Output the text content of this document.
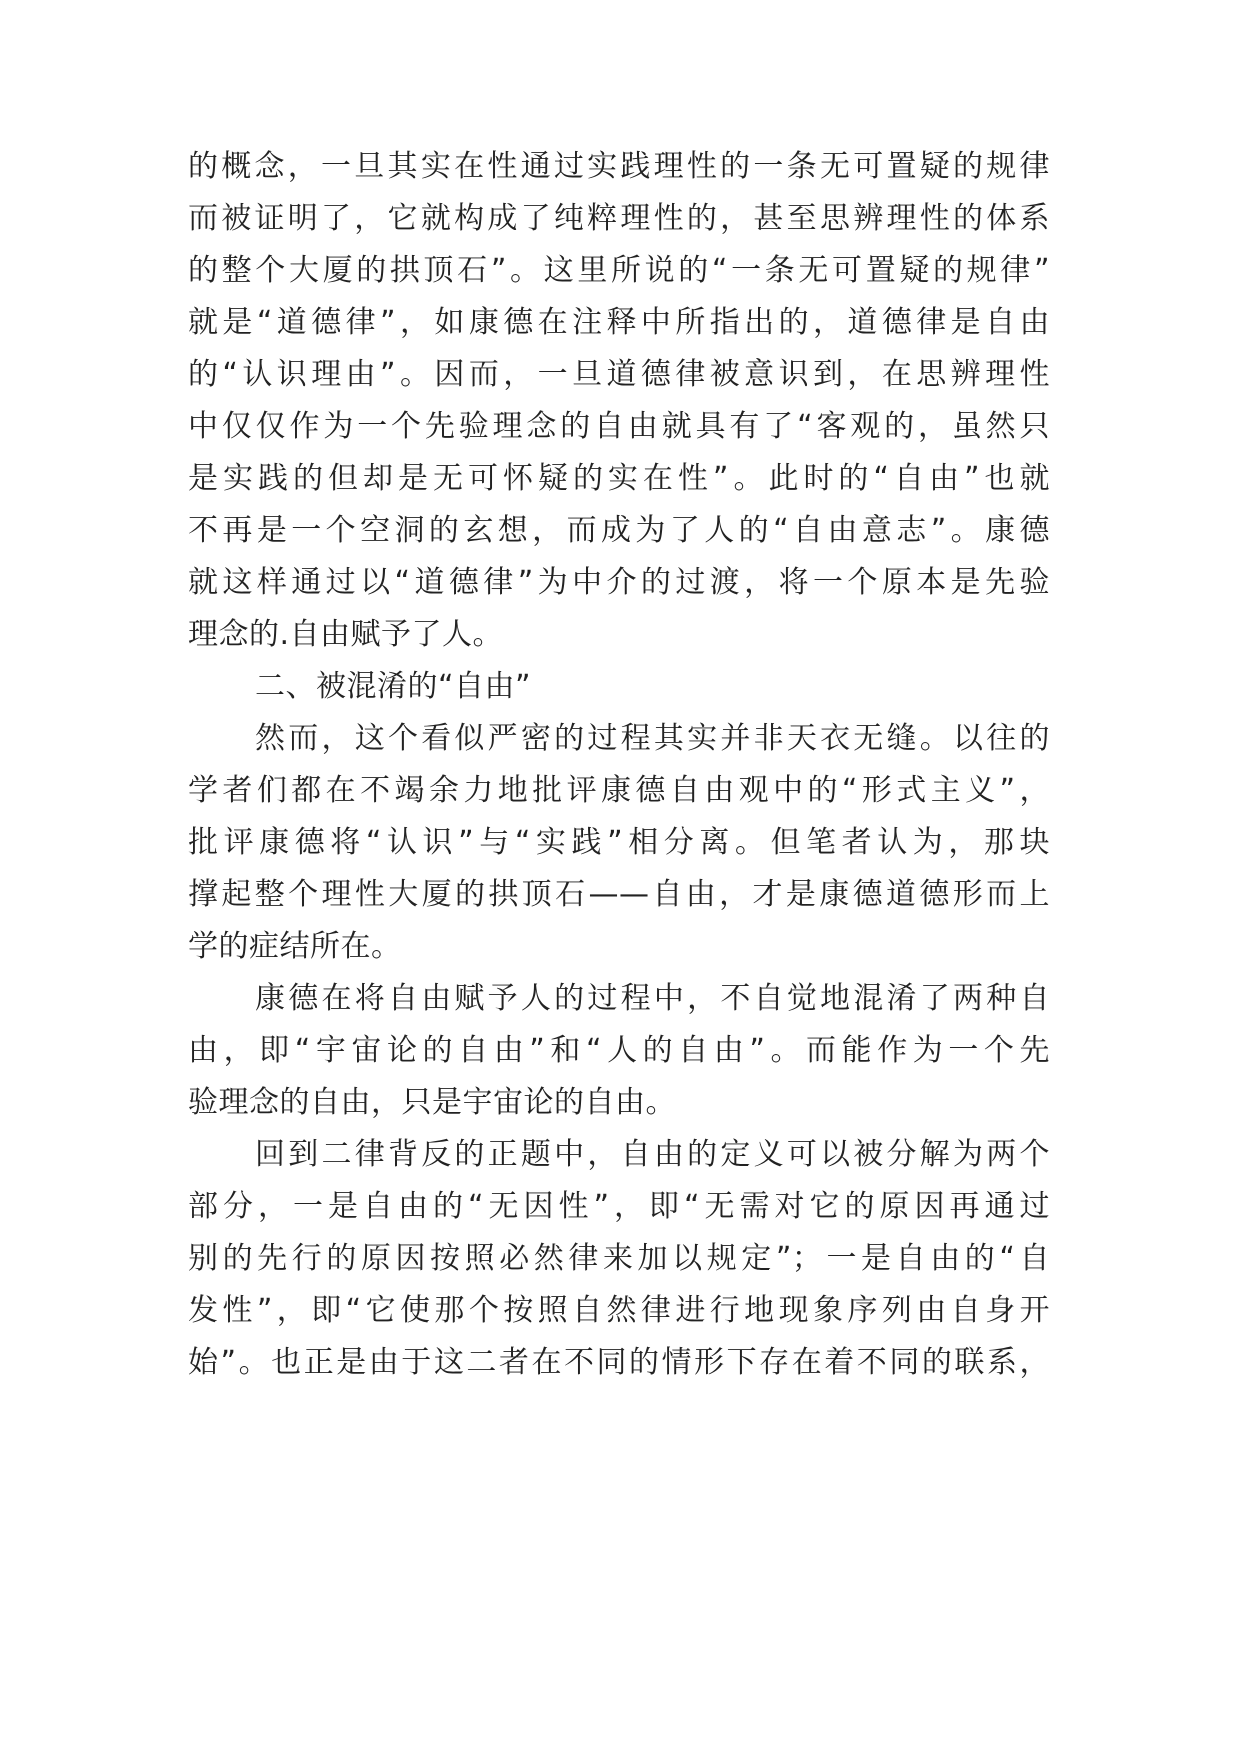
的概念，一旦其实在性通过实践理性的一条无可置疑的规律
而被证明了，它就构成了纯粹理性的，甚至思辨理性的体系
的整个大厦的拱顶石”。这里所说的“一条无可置疑的规律”
就是“道德律”，如康德在注释中所指出的，道德律是自由
的“认识理由”。因而，一旦道德律被意识到，在思辨理性
中仅仅作为一个先验理念的自由就具有了“客观的，虽然只
是实践的但却是无可怀疑的实在性”。此时的“自由”也就
不再是一个空洞的玄想，而成为了人的“自由意志”。康德
就这样通过以“道德律”为中介的过渡，将一个原本是先验
理念的.自由赋予了人。
二、被混淆的“自由”
然而，这个看似严密的过程其实并非天衣无缝。以往的
学者们都在不竭余力地批评康德自由观中的“形式主义”，
批评康德将“认识”与“实践”相分离。但笔者认为，那块
撑起整个理性大厦的拱顶石——自由，才是康德道德形而上
学的症结所在。
康德在将自由赋予人的过程中，不自觉地混淆了两种自
由，即“宇宙论的自由”和“人的自由”。而能作为一个先
验理念的自由，只是宇宙论的自由。
回到二律背反的正题中，自由的定义可以被分解为两个
部分，一是自由的“无因性”，即“无需对它的原因再通过
别的先行的原因按照必然律来加以规定”；一是自由的“自
发性”，即“它使那个按照自然律进行地现象序列由自身开
始”。也正是由于这二者在不同的情形下存在着不同的联系，
